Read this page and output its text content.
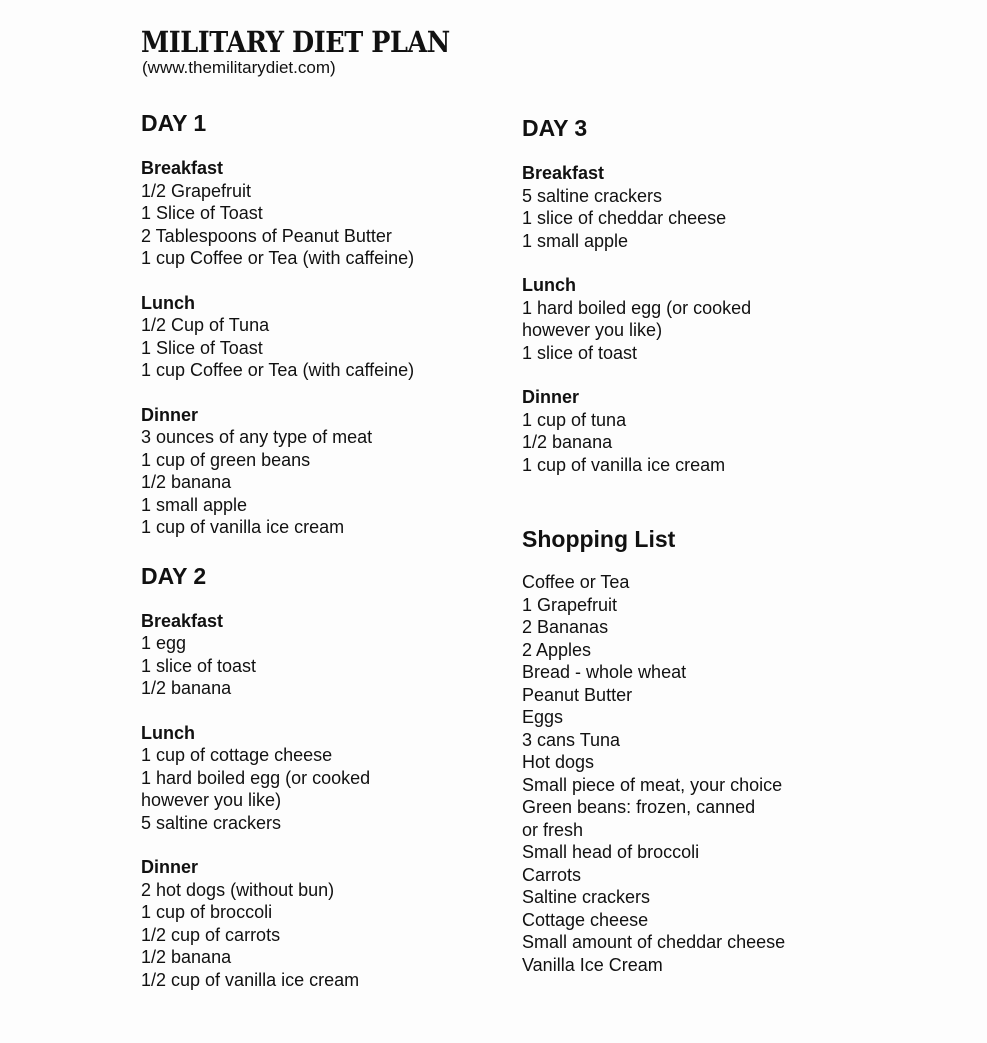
MILITARY DIET PLAN
(www.themilitarydiet.com)
DAY 1
Breakfast
1/2 Grapefruit
1 Slice of Toast
2 Tablespoons of Peanut Butter
1 cup Coffee or Tea (with caffeine)
Lunch
1/2 Cup of Tuna
1 Slice of Toast
1 cup Coffee or Tea (with caffeine)
Dinner
3 ounces of any type of meat
1 cup of green beans
1/2 banana
1 small apple
1 cup of vanilla ice cream
DAY 2
Breakfast
1 egg
1 slice of toast
1/2 banana
Lunch
1 cup of cottage cheese
1 hard boiled egg (or cooked
however you like)
5 saltine crackers
Dinner
2 hot dogs (without bun)
1 cup of broccoli
1/2 cup of carrots
1/2 banana
1/2 cup of vanilla ice cream
DAY 3
Breakfast
5 saltine crackers
1 slice of cheddar cheese
1 small apple
Lunch
1 hard boiled egg (or cooked
however you like)
1 slice of toast
Dinner
1 cup of tuna
1/2 banana
1 cup of vanilla ice cream
Shopping List
Coffee or Tea
1 Grapefruit
2 Bananas
2 Apples
Bread - whole wheat
Peanut Butter
Eggs
3 cans Tuna
Hot dogs
Small piece of meat, your choice
Green beans: frozen, canned
or fresh
Small head of broccoli
Carrots
Saltine crackers
Cottage cheese
Small amount of cheddar cheese
Vanilla Ice Cream
